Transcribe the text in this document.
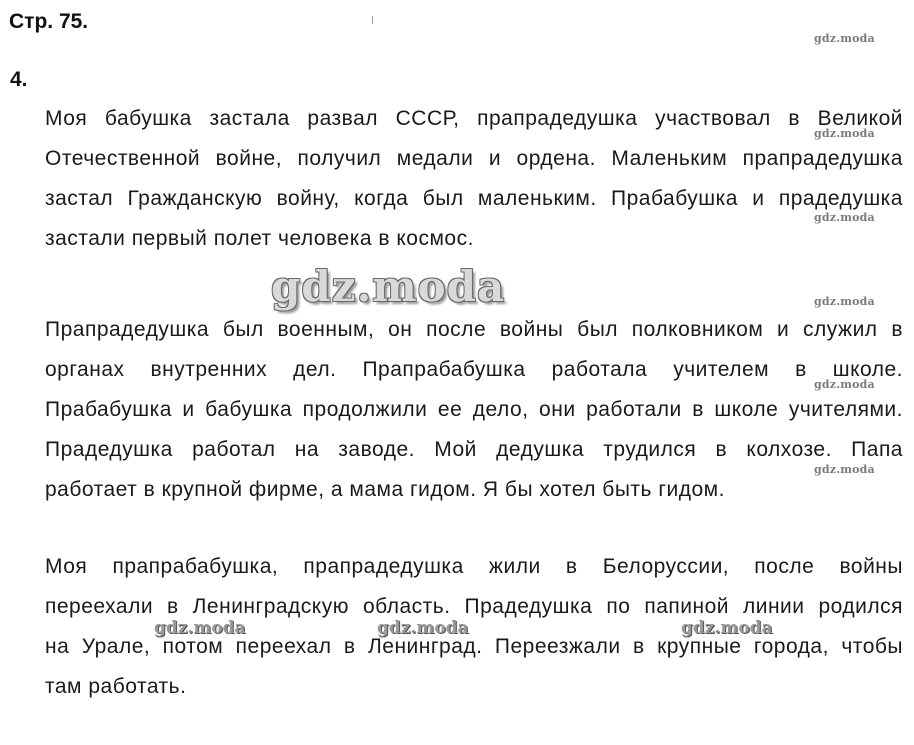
Стр. 75.
4.
Моя бабушка застала развал СССР, прапрадедушка участвовал в Великой
Отечественной войне, получил медали и ордена. Маленьким прапрадедушка
застал Гражданскую войну, когда был маленьким. Прабабушка и прадедушка
застали первый полет человека в космос.
Прапрадедушка был военным, он после войны был полковником и служил в
органах внутренних дел. Прапрабабушка работала учителем в школе.
Прабабушка и бабушка продолжили ее дело, они работали в школе учителями.
Прадедушка работал на заводе. Мой дедушка трудился в колхозе. Папа
работает в крупной фирме, а мама гидом. Я бы хотел быть гидом.
Моя прапрабабушка, прапрадедушка жили в Белоруссии, после войны
переехали в Ленинградскую область. Прадедушка по папиной линии родился
на Урале, потом переехал в Ленинград. Переезжали в крупные города, чтобы
там работать.
gdz.moda
gdz.moda
gdz.moda
gdz.moda
gdz.moda
gdz.moda
gdz.moda
gdz.moda	gdz.moda	gdz.moda
